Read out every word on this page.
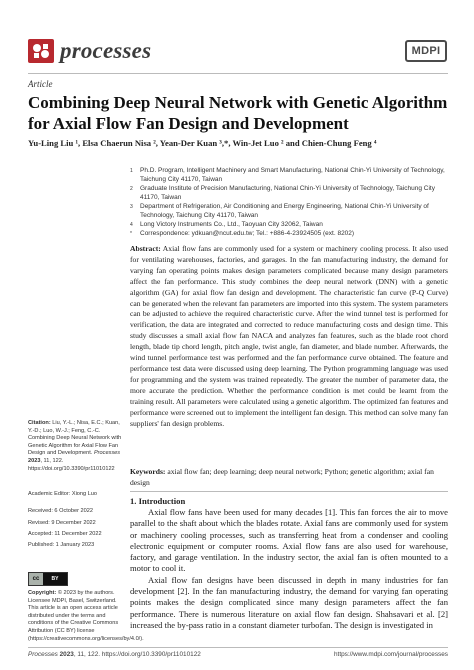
processes	MDPI
Article
Combining Deep Neural Network with Genetic Algorithm for Axial Flow Fan Design and Development
Yu-Ling Liu ¹, Elsa Chaerun Nisa ², Yean-Der Kuan ³,*, Win-Jet Luo ² and Chien-Chung Feng ⁴
1 Ph.D. Program, Intelligent Machinery and Smart Manufacturing, National Chin-Yi University of Technology, Taichung City 41170, Taiwan
2 Graduate Institute of Precision Manufacturing, National Chin-Yi University of Technology, Taichung City 41170, Taiwan
3 Department of Refrigeration, Air Conditioning and Energy Engineering, National Chin-Yi University of Technology, Taichung City 41170, Taiwan
4 Long Victory Instruments Co., Ltd., Taoyuan City 32062, Taiwan
* Correspondence: ydkuan@ncut.edu.tw; Tel.: +886-4-23924505 (ext. 8202)
Abstract: Axial flow fans are commonly used for a system or machinery cooling process. It also used for ventilating warehouses, factories, and garages. In the fan manufacturing industry, the demand for varying fan operating points makes design parameters complicated because many design parameters affect the fan performance. This study combines the deep neural network (DNN) with a genetic algorithm (GA) for axial flow fan design and development. The characteristic fan curve (P-Q Curve) can be generated when the relevant fan parameters are imported into this system. The system parameters can be adjusted to achieve the required characteristic curve. After the wind tunnel test is performed for verification, the data are integrated and corrected to reduce manufacturing costs and design time. This study discusses a small axial flow fan NACA and analyzes fan features, such as the blade root chord length, blade tip chord length, pitch angle, twist angle, fan diameter, and blade number. Afterwards, the wind tunnel performance test was performed and the fan performance curve obtained. The feature and performance test data were discussed using deep learning. The Python programming language was used for programming and the system was trained repeatedly. The greater the number of parameter data, the more accurate the prediction. Whether the performance condition is met could be learnt from the training result. All parameters were calculated using a genetic algorithm. The optimized fan features and performance were screened out to implement the intelligent fan design. This method can solve many fan suppliers' fan design problems.
Keywords: axial flow fan; deep learning; deep neural network; Python; genetic algorithm; axial fan design
1. Introduction

Axial flow fans have been used for many decades [1]. This fan forces the air to move parallel to the shaft about which the blades rotate. Axial fans are commonly used for system or machinery cooling processes, such as transferring heat from a condenser and cooling electronic equipment or computer rooms. Axial flow fans are also used for warehouse, factory, and garage ventilation. In the industry sector, the axial fan is often mounted to a motor to cool it.

Axial flow fan designs have been discussed in depth in many industries for fan development [2]. In the fan manufacturing industry, the demand for varying fan operating points makes the design complicated since many design parameters affect the fan performance. There is numerous literature on axial flow fan design. Shahsavari et al. [2] increased the by-pass ratio in a constant diameter turbofan. The design is investigated in

Citation: Liu, Y.-L.; Nisa, E.C.; Kuan, Y.-D.; Luo, W.-J.; Feng, C.-C. Combining Deep Neural Network with Genetic Algorithm for Axial Flow Fan Design and Development. Processes 2023, 11, 122. https://doi.org/10.3390/pr11010122
Academic Editor: Xiong Luo
Received: 6 October 2022
Revised: 9 December 2022
Accepted: 11 December 2022
Published: 1 January 2023
cc	BY
Copyright: © 2023 by the authors. Licensee MDPI, Basel, Switzerland. This article is an open access article distributed under the terms and conditions of the Creative Commons Attribution (CC BY) license (https://creativecommons.org/licenses/by/4.0/).
Processes 2023, 11, 122. https://doi.org/10.3390/pr11010122	https://www.mdpi.com/journal/processes
